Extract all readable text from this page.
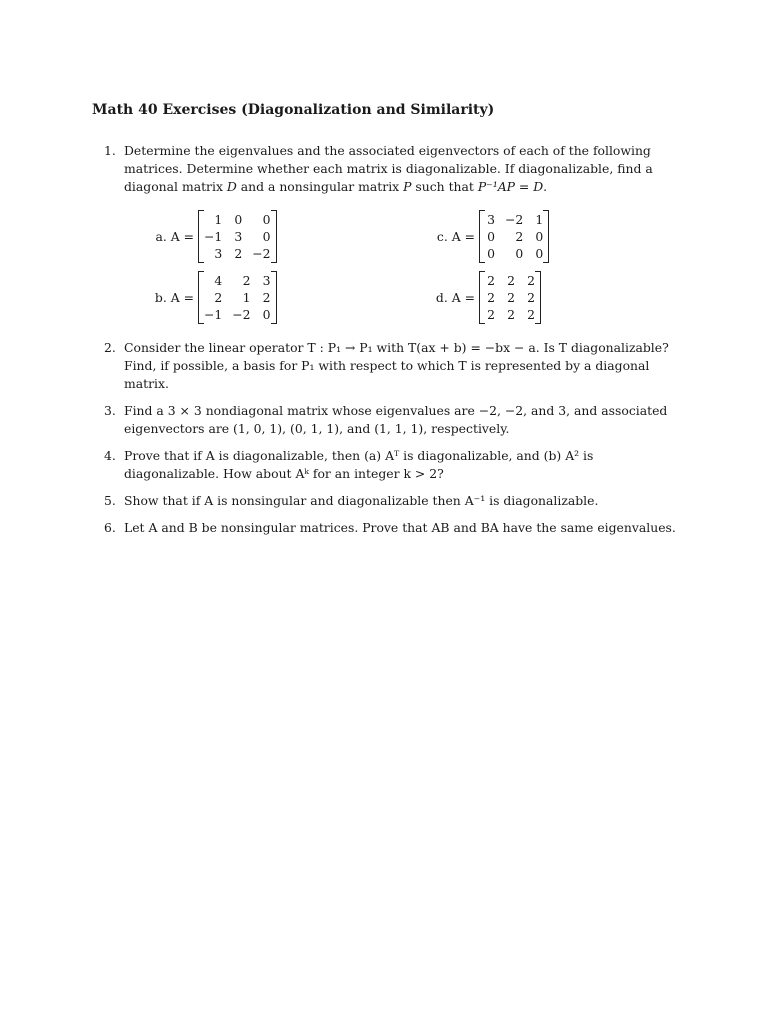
Math 40 Exercises (Diagonalization and Similarity)
1. Determine the eigenvalues and the associated eigenvectors of each of the following matrices. Determine whether each matrix is diagonalizable. If diagonalizable, find a diagonal matrix D and a nonsingular matrix P such that P⁻¹AP = D.

a. A =
1 0	0
−1 3	0
3 2 −2
c. A =
3 −2 1
0	2 0
0	0 0
b. A =
4	2 3
2	1 2
−1 −2 0
d. A =
2 2 2
2 2 2
2 2 2
2. Consider the linear operator T : P₁ → P₁ with T(ax + b) = −bx − a. Is T diagonalizable? Find, if possible, a basis for P₁ with respect to which T is represented by a diagonal matrix.

3. Find a 3 × 3 nondiagonal matrix whose eigenvalues are −2, −2, and 3, and associated eigenvectors are (1, 0, 1), (0, 1, 1), and (1, 1, 1), respectively.

4. Prove that if A is diagonalizable, then (a) Aᵀ is diagonalizable, and (b) A² is diagonalizable. How about Aᵏ for an integer k > 2?

5. Show that if A is nonsingular and diagonalizable then A⁻¹ is diagonalizable.

6. Let A and B be nonsingular matrices. Prove that AB and BA have the same eigenvalues.
